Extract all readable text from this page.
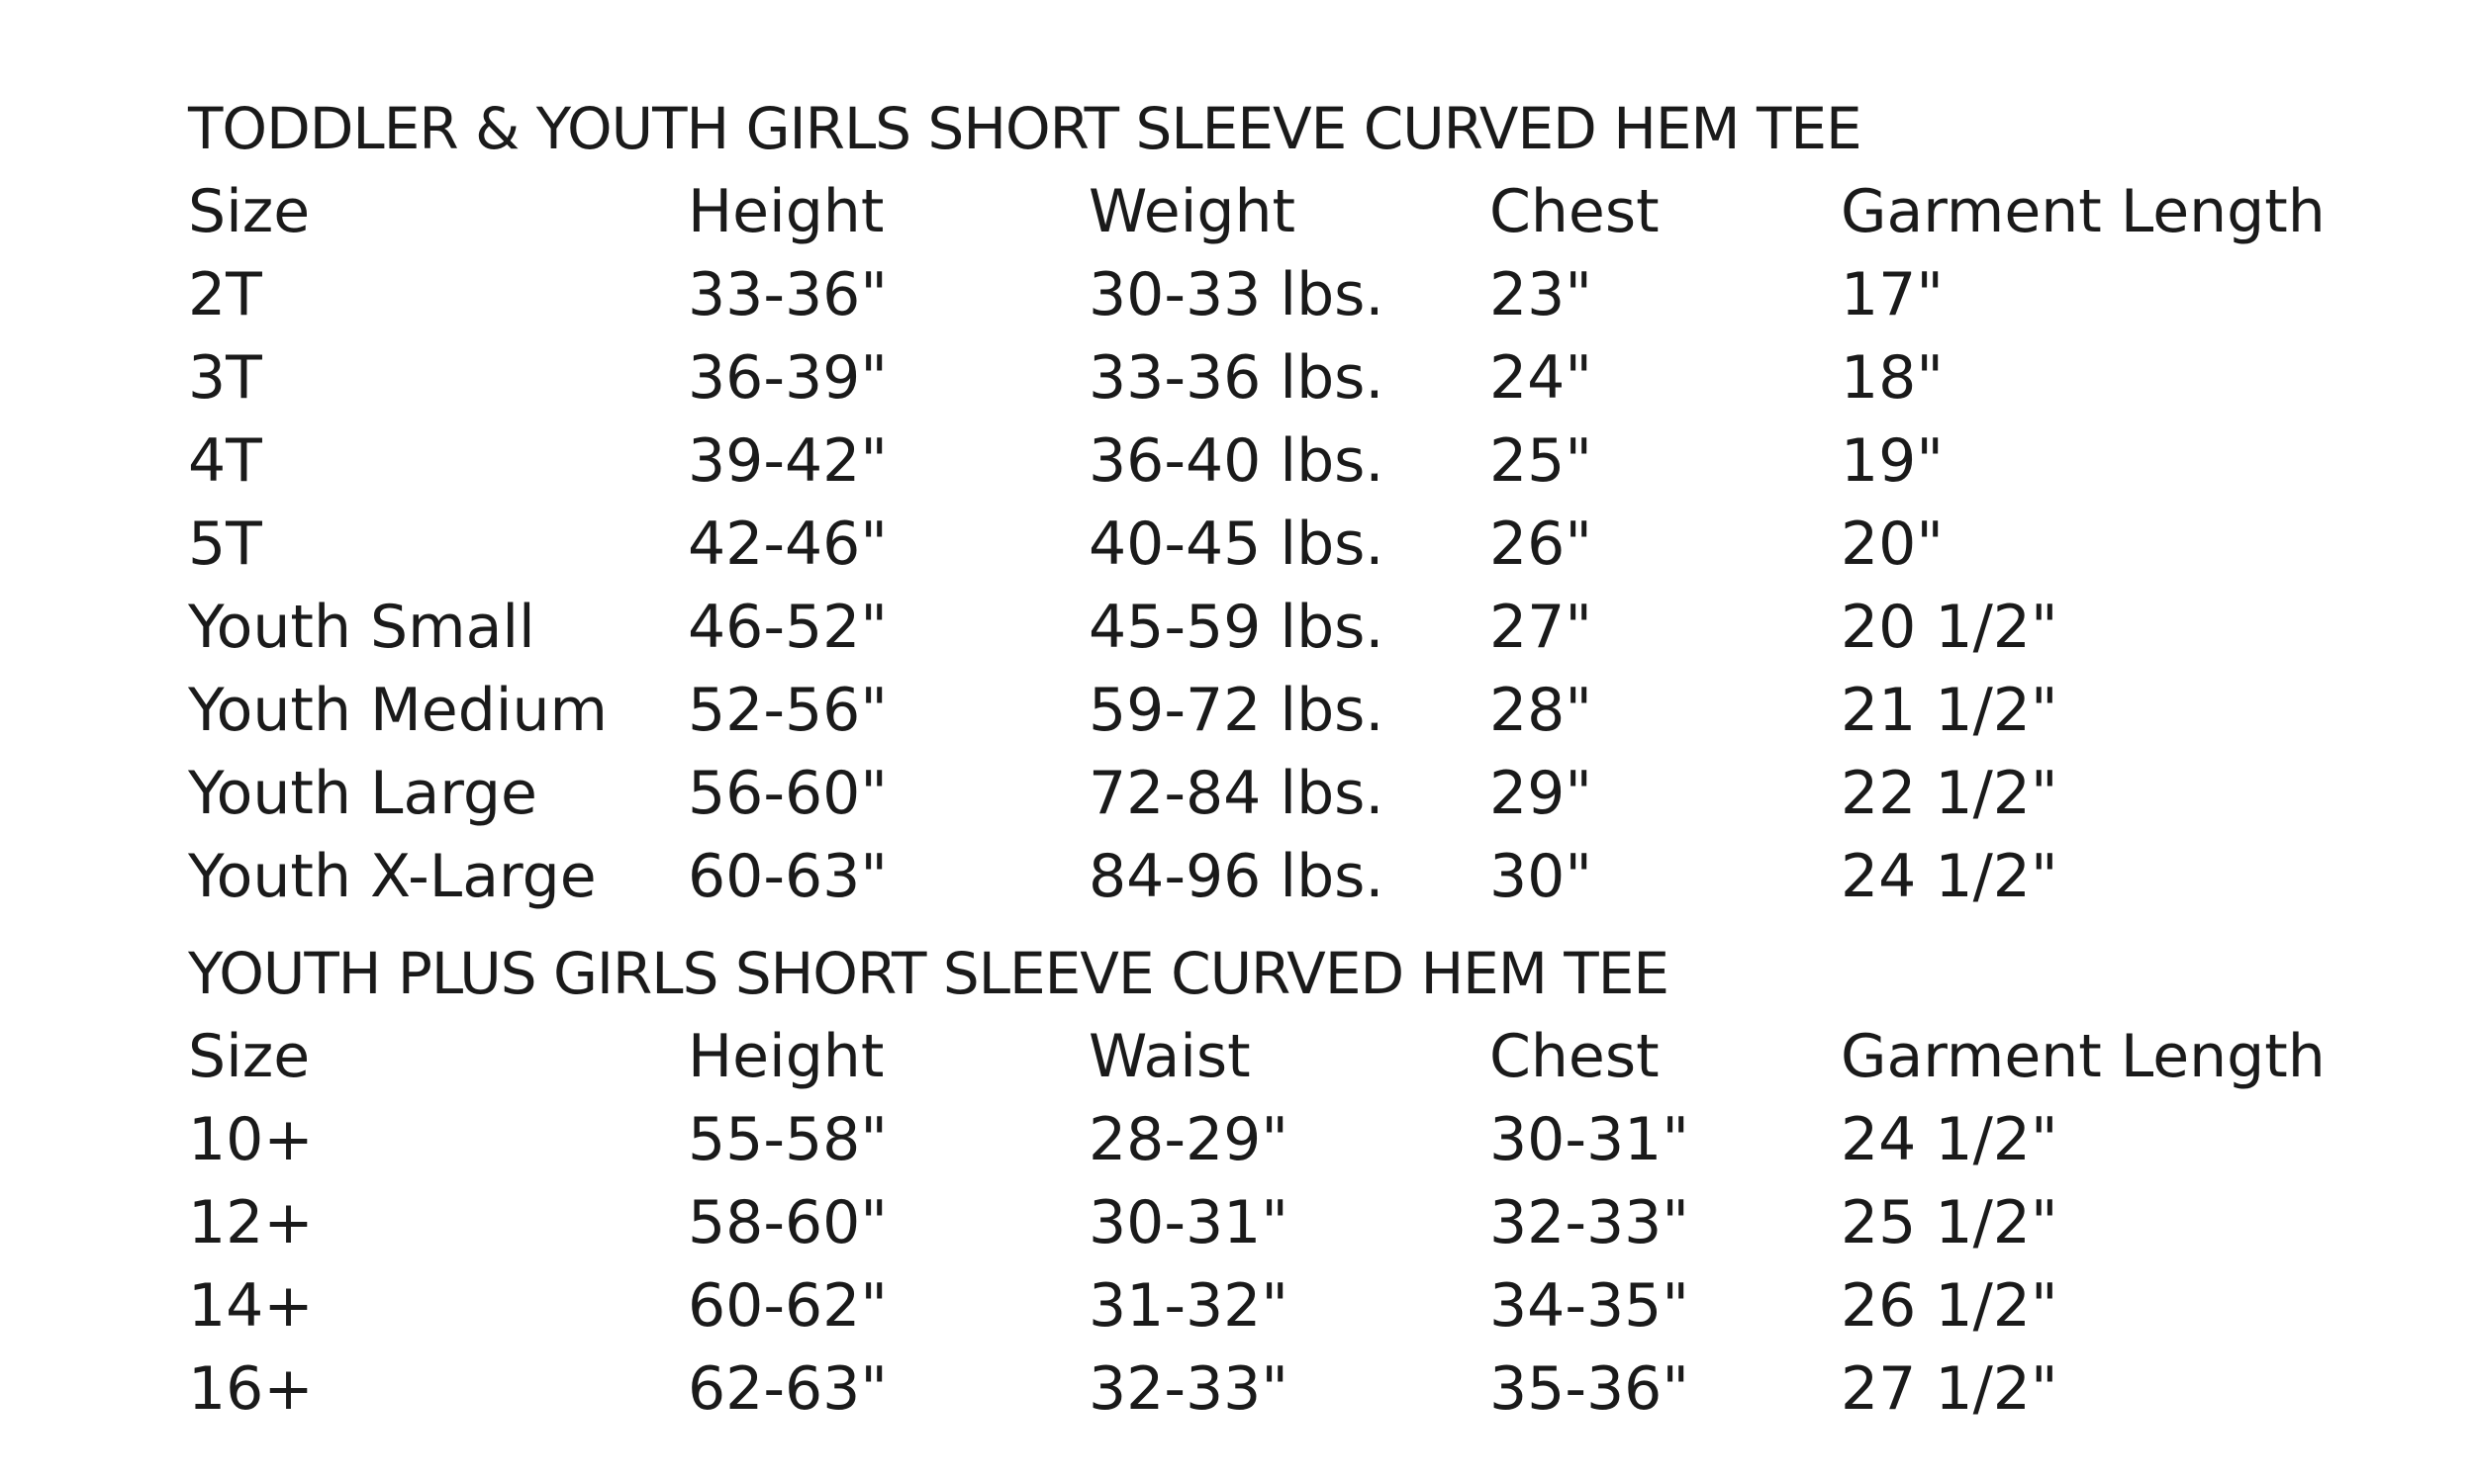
TODDLER & YOUTH GIRLS SHORT SLEEVE CURVED HEM TEE
Size	Height	Weight	Chest	Garment Length
2T	33-36"	30-33 lbs.	23"	17"
3T	36-39"	33-36 lbs.	24"	18"
4T	39-42"	36-40 lbs.	25"	19"
5T	42-46"	40-45 lbs.	26"	20"
Youth Small	46-52"	45-59 lbs.	27"	20 1/2"
Youth Medium	52-56"	59-72 lbs.	28"	21 1/2"
Youth Large	56-60"	72-84 lbs.	29"	22 1/2"
Youth X-Large	60-63"	84-96 lbs.	30"	24 1/2"
YOUTH PLUS GIRLS SHORT SLEEVE CURVED HEM TEE
Size	Height	Waist	Chest	Garment Length
10+	55-58"	28-29"	30-31"	24 1/2"
12+	58-60"	30-31"	32-33"	25 1/2"
14+	60-62"	31-32"	34-35"	26 1/2"
16+	62-63"	32-33"	35-36"	27 1/2"
